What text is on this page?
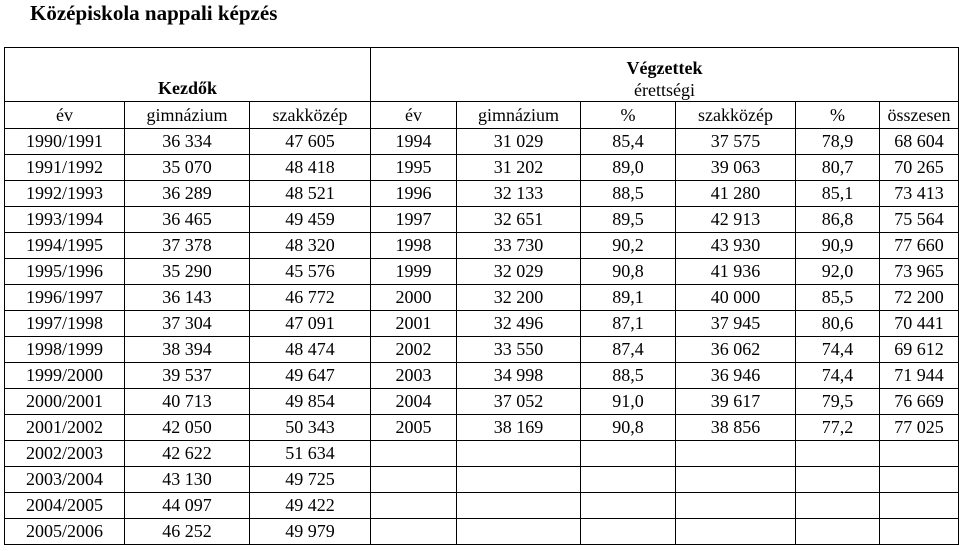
Középiskola nappali képzés
Kezdők			Végzettek
érettségi					

év	gimnázium	szakközép	év	gimnázium	%	szakközép	%	összesen
1990/1991	36 334	47 605	1994	31 029	85,4	37 575	78,9	68 604
1991/1992	35 070	48 418	1995	31 202	89,0	39 063	80,7	70 265
1992/1993	36 289	48 521	1996	32 133	88,5	41 280	85,1	73 413
1993/1994	36 465	49 459	1997	32 651	89,5	42 913	86,8	75 564
1994/1995	37 378	48 320	1998	33 730	90,2	43 930	90,9	77 660
1995/1996	35 290	45 576	1999	32 029	90,8	41 936	92,0	73 965
1996/1997	36 143	46 772	2000	32 200	89,1	40 000	85,5	72 200
1997/1998	37 304	47 091	2001	32 496	87,1	37 945	80,6	70 441
1998/1999	38 394	48 474	2002	33 550	87,4	36 062	74,4	69 612
1999/2000	39 537	49 647	2003	34 998	88,5	36 946	74,4	71 944
2000/2001	40 713	49 854	2004	37 052	91,0	39 617	79,5	76 669
2001/2002	42 050	50 343	2005	38 169	90,8	38 856	77,2	77 025
2002/2003	42 622	51 634						
2003/2004	43 130	49 725						
2004/2005	44 097	49 422						
2005/2006	46 252	49 979						
